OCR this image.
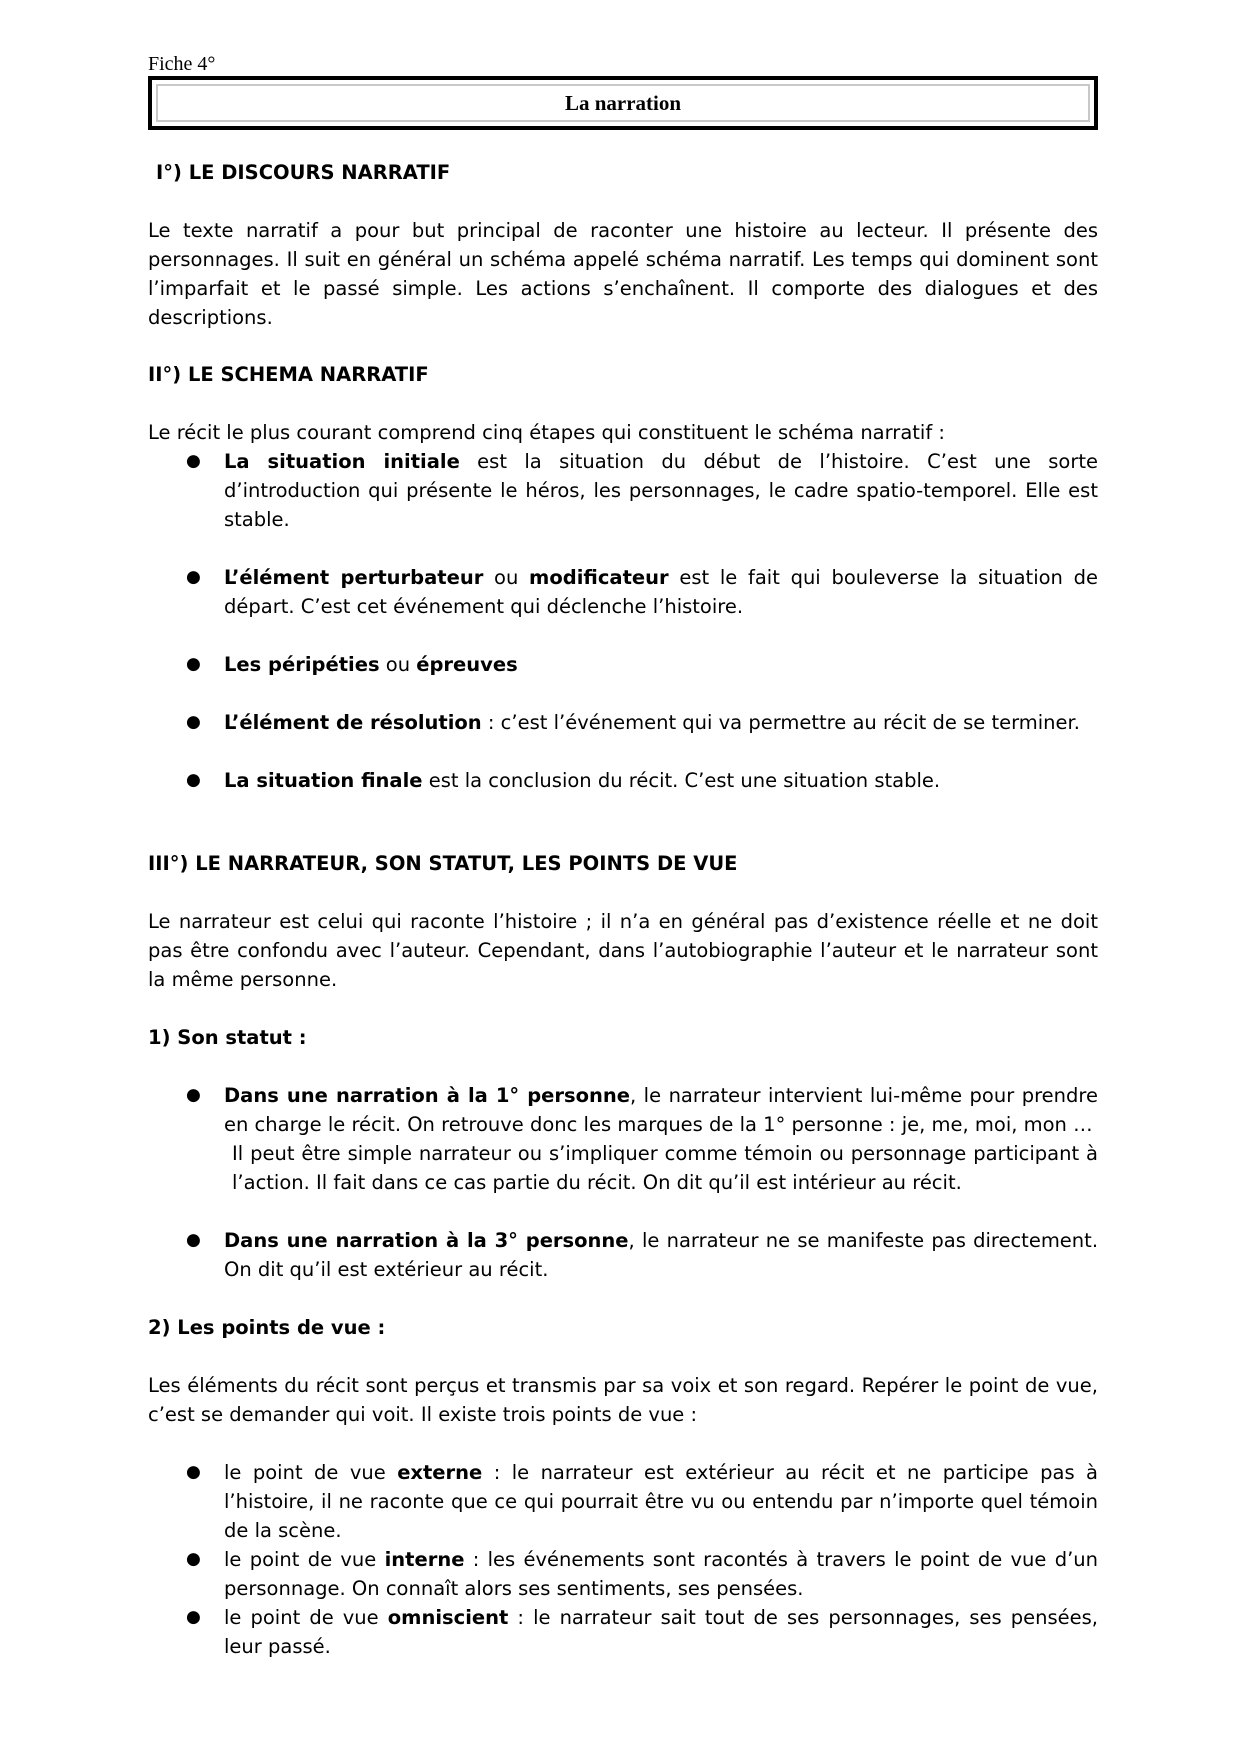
Fiche 4°
La narration
I°) LE DISCOURS NARRATIF

Le texte narratif a pour but principal de raconter une histoire au lecteur. Il présente des personnages. Il suit en général un schéma appelé schéma narratif. Les temps qui dominent sont l’imparfait et le passé simple. Les actions s’enchaînent. Il comporte des dialogues et des descriptions.

II°) LE SCHEMA NARRATIF

Le récit le plus courant comprend cinq étapes qui constituent le schéma narratif :

● La situation initiale est la situation du début de l’histoire. C’est une sorte d’introduction qui présente le héros, les personnages, le cadre spatio-temporel. Elle est stable.
● L’élément perturbateur ou modificateur est le fait qui bouleverse la situation de départ. C’est cet événement qui déclenche l’histoire.
● Les péripéties ou épreuves
● L’élément de résolution : c’est l’événement qui va permettre au récit de se terminer.
● La situation finale est la conclusion du récit. C’est une situation stable.
III°) LE NARRATEUR, SON STATUT, LES POINTS DE VUE

Le narrateur est celui qui raconte l’histoire ; il n’a en général pas d’existence réelle et ne doit pas être confondu avec l’auteur. Cependant, dans l’autobiographie l’auteur et le narrateur sont la même personne.

1) Son statut :
● Dans une narration à la 1° personne, le narrateur intervient lui-même pour prendre en charge le récit. On retrouve donc les marques de la 1° personne : je, me, moi, mon …
Il peut être simple narrateur ou s’impliquer comme témoin ou personnage participant à l’action. Il fait dans ce cas partie du récit. On dit qu’il est intérieur au récit.
● Dans une narration à la 3° personne, le narrateur ne se manifeste pas directement. On dit qu’il est extérieur au récit.
2) Les points de vue :

Les éléments du récit sont perçus et transmis par sa voix et son regard. Repérer le point de vue, c’est se demander qui voit. Il existe trois points de vue :

● le point de vue externe : le narrateur est extérieur au récit et ne participe pas à l’histoire, il ne raconte que ce qui pourrait être vu ou entendu par n’importe quel témoin de la scène.
● le point de vue interne : les événements sont racontés à travers le point de vue d’un personnage. On connaît alors ses sentiments, ses pensées.
● le point de vue omniscient : le narrateur sait tout de ses personnages, ses pensées, leur passé.
